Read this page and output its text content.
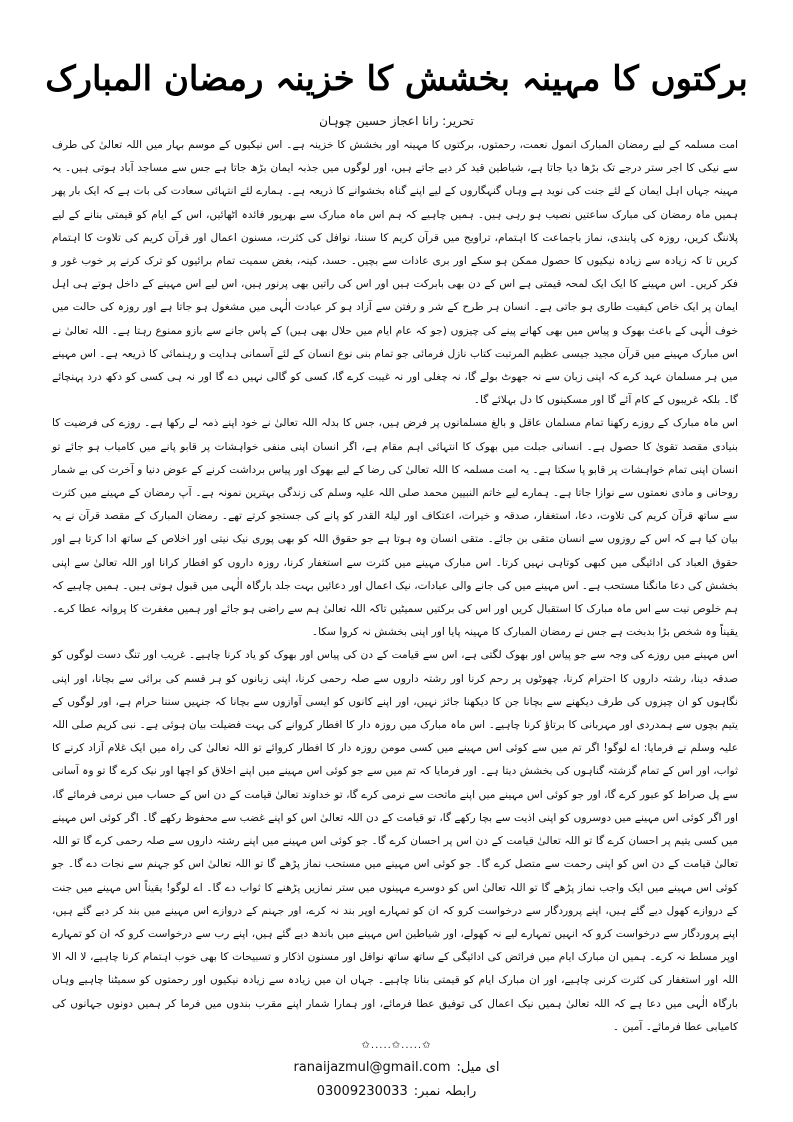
برکتوں کا مہینہ بخشش کا خزینہ رمضان المبارک
تحریر: رانا اعجاز حسین چوہان

امت مسلمہ کے لیے رمضان المبارک انمول نعمت، رحمتوں، برکتوں کا مہینہ اور بخشش کا خزینہ ہے۔ اس نیکیوں کے موسم بہار میں اللہ تعالیٰ کی طرف سے نیکی کا اجر ستر درجے تک بڑھا دیا جاتا ہے، شیاطین قید کر دیے جاتے ہیں، اور لوگوں میں جذبہ ایمان بڑھ جاتا ہے جس سے مساجد آباد ہوتی ہیں۔ یہ مہینہ جہاں اہل ایمان کے لئے جنت کی نوید ہے وہاں گنہگاروں کے لیے اپنے گناہ بخشوانے کا ذریعہ ہے۔ ہمارے لئے انتہائی سعادت کی بات ہے کہ ایک بار پھر ہمیں ماہ رمضان کی مبارک ساعتیں نصیب ہو رہی ہیں۔ ہمیں چاہیے کہ ہم اس ماہ مبارک سے بھرپور فائدہ اٹھائیں، اس کے ایام کو قیمتی بنانے کے لیے پلاننگ کریں، روزہ کی پابندی، نماز باجماعت کا اہتمام، تراویح میں قرآن کریم کا سننا، نوافل کی کثرت، مسنون اعمال اور قرآن کریم کی تلاوت کا اہتمام کریں تا کہ زیادہ سے زیادہ نیکیوں کا حصول ممکن ہو سکے اور بری عادات سے بچیں۔ حسد، کینہ، بغض سمیت تمام برائیوں کو ترک کرنے پر خوب غور و فکر کریں۔ اس مہینے کا ایک ایک لمحہ قیمتی ہے اس کے دن بھی بابرکت ہیں اور اس کی راتیں بھی پرنور ہیں، اس لیے اس مہینے کے داخل ہوتے ہی اہل ایمان پر ایک خاص کیفیت طاری ہو جاتی ہے۔ انسان ہر طرح کے شر و رفتن سے آزاد ہو کر عبادت الٰہی میں مشغول ہو جاتا ہے اور روزہ کی حالت میں خوف الٰہی کے باعث بھوک و پیاس میں بھی کھانے پینے کی چیزوں (جو کہ عام ایام میں حلال بھی ہیں) کے پاس جانے سے بازو ممنوع رہتا ہے۔ اللہ تعالیٰ نے اس مبارک مہینے میں قرآن مجید جیسی عظیم المرتبت کتاب نازل فرمائی جو تمام بنی نوع انسان کے لئے آسمانی ہدایت و رہنمائی کا ذریعہ ہے۔ اس مہینے میں ہر مسلمان عہد کرے کہ اپنی زبان سے نہ جھوٹ بولے گا، نہ چغلی اور نہ غیبت کرے گا، کسی کو گالی نہیں دے گا اور نہ ہی کسی کو دکھ درد پہنچائے گا۔ بلکہ غریبوں کے کام آئے گا اور مسکینوں کا دل بہلائے گا۔

اس ماہ مبارک کے روزے رکھنا تمام مسلمان عاقل و بالغ مسلمانوں پر فرض ہیں، جس کا بدلہ اللہ تعالیٰ نے خود اپنے ذمہ لے رکھا ہے۔ روزے کی فرضیت کا بنیادی مقصد تقویٰ کا حصول ہے۔ انسانی جبلت میں بھوک کا انتہائی اہم مقام ہے، اگر انسان اپنی منفی خواہشات پر قابو پانے میں کامیاب ہو جائے تو انسان اپنی تمام خواہشات پر قابو پا سکتا ہے۔ یہ امت مسلمہ کا اللہ تعالیٰ کی رضا کے لیے بھوک اور پیاس برداشت کرنے کے عوض دنیا و آخرت کی بے شمار روحانی و مادی نعمتوں سے نوازا جاتا ہے۔ ہمارے لیے خاتم النبیین محمد صلی اللہ علیہ وسلم کی زندگی بہترین نمونہ ہے۔ آپ رمضان کے مہینے میں کثرت سے ساتھ قرآن کریم کی تلاوت، دعا، استغفار، صدقہ و خیرات، اعتکاف اور لیلۃ القدر کو پانے کی جستجو کرتے تھے۔ رمضان المبارک کے مقصد قرآن نے یہ بیان کیا ہے کہ اس کے روزوں سے انسان متقی بن جائے۔ متقی انسان وہ ہوتا ہے جو حقوق اللہ کو بھی پوری نیک نیتی اور اخلاص کے ساتھ ادا کرتا ہے اور حقوق العباد کی ادائیگی میں کبھی کوتاہی نہیں کرتا۔ اس مبارک مہینے میں کثرت سے استغفار کرنا، روزہ داروں کو افطار کرانا اور اللہ تعالیٰ سے اپنی بخشش کی دعا مانگنا مستحب ہے۔ اس مہینے میں کی جانے والی عبادات، نیک اعمال اور دعائیں بہت جلد بارگاہ الٰہی میں قبول ہوتی ہیں۔ ہمیں چاہیے کہ ہم خلوص نیت سے اس ماہ مبارک کا استقبال کریں اور اس کی برکتیں سمیٹیں تاکہ اللہ تعالیٰ ہم سے راضی ہو جائے اور ہمیں مغفرت کا پروانہ عطا کرے۔ یقیناً وہ شخص بڑا بدبخت ہے جس نے رمضان المبارک کا مہینہ پایا اور اپنی بخشش نہ کروا سکا۔

اس مہینے میں روزے کی وجہ سے جو پیاس اور بھوک لگتی ہے، اس سے قیامت کے دن کی پیاس اور بھوک کو یاد کرنا چاہیے۔ غریب اور تنگ دست لوگوں کو صدقہ دینا، رشتہ داروں کا احترام کرنا، چھوٹوں پر رحم کرنا اور رشتہ داروں سے صلہ رحمی کرنا، اپنی زبانوں کو ہر قسم کی برائی سے بچانا، اور اپنی نگاہوں کو ان چیزوں کی طرف دیکھنے سے بچانا جن کا دیکھنا جائز نہیں، اور اپنے کانوں کو ایسی آوازوں سے بچانا کہ جنہیں سننا حرام ہے، اور لوگوں کے یتیم بچوں سے ہمدردی اور مہربانی کا برتاؤ کرنا چاہیے۔ اس ماہ مبارک میں روزہ دار کا افطار کروانے کی بہت فضیلت بیان ہوئی ہے۔ نبی کریم صلی اللہ علیہ وسلم نے فرمایا: اے لوگو! اگر تم میں سے کوئی اس مہینے میں کسی مومن روزہ دار کا افطار کروائے تو اللہ تعالیٰ کی راہ میں ایک غلام آزاد کرنے کا ثواب، اور اس کے تمام گزشتہ گناہوں کی بخشش دیتا ہے۔ اور فرمایا کہ تم میں سے جو کوئی اس مہینے میں اپنے اخلاق کو اچھا اور نیک کرے گا تو وہ آسانی سے پل صراط کو عبور کرے گا، اور جو کوئی اس مہینے میں اپنے ماتحت سے نرمی کرے گا، تو خداوند تعالیٰ قیامت کے دن اس کے حساب میں نرمی فرمائے گا، اور اگر کوئی اس مہینے میں دوسروں کو اپنی اذیت سے بچا رکھے گا، تو قیامت کے دن اللہ تعالیٰ اس کو اپنے غضب سے محفوظ رکھے گا۔ اگر کوئی اس مہینے میں کسی یتیم پر احسان کرے گا تو اللہ تعالیٰ قیامت کے دن اس پر احسان کرے گا۔ جو کوئی اس مہینے میں اپنے رشتہ داروں سے صلہ رحمی کرے گا تو اللہ تعالیٰ قیامت کے دن اس کو اپنی رحمت سے متصل کرے گا۔ جو کوئی اس مہینے میں مستحب نماز پڑھے گا تو اللہ تعالیٰ اس کو جہنم سے نجات دے گا۔ جو کوئی اس مہینے میں ایک واجب نماز پڑھے گا تو اللہ تعالیٰ اس کو دوسرے مہینوں میں ستر نمازیں پڑھنے کا ثواب دے گا۔ اے لوگو! یقیناً اس مہینے میں جنت کے دروازے کھول دیے گئے ہیں، اپنے پروردگار سے درخواست کرو کہ ان کو تمہارے اوپر بند نہ کرے، اور جہنم کے دروازے اس مہینے میں بند کر دیے گئے ہیں، اپنے پروردگار سے درخواست کرو کہ انہیں تمہارے لیے نہ کھولے، اور شیاطین اس مہینے میں باندھ دیے گئے ہیں، اپنے رب سے درخواست کرو کہ ان کو تمہارے اوپر مسلط نہ کرے۔ ہمیں ان مبارک ایام میں فرائض کی ادائیگی کے ساتھ ساتھ نوافل اور مسنون اذکار و تسبیحات کا بھی خوب اہتمام کرنا چاہیے، لا الہ الا اللہ اور استغفار کی کثرت کرنی چاہیے، اور ان مبارک ایام کو قیمتی بنانا چاہیے۔ جہاں ان میں زیادہ سے زیادہ نیکیوں اور رحمتوں کو سمیٹنا چاہیے وہاں بارگاہ الٰہی میں دعا ہے کہ اللہ تعالیٰ ہمیں نیک اعمال کی توفیق عطا فرمائے، اور ہمارا شمار اپنے مقرب بندوں میں فرما کر ہمیں دونوں جہانوں کی کامیابی عطا فرمائے۔ آمین ۔

✩.....✩.....✩
ranaijazmul@gmail.com ای میل:
03009230033 رابطہ نمبر:
